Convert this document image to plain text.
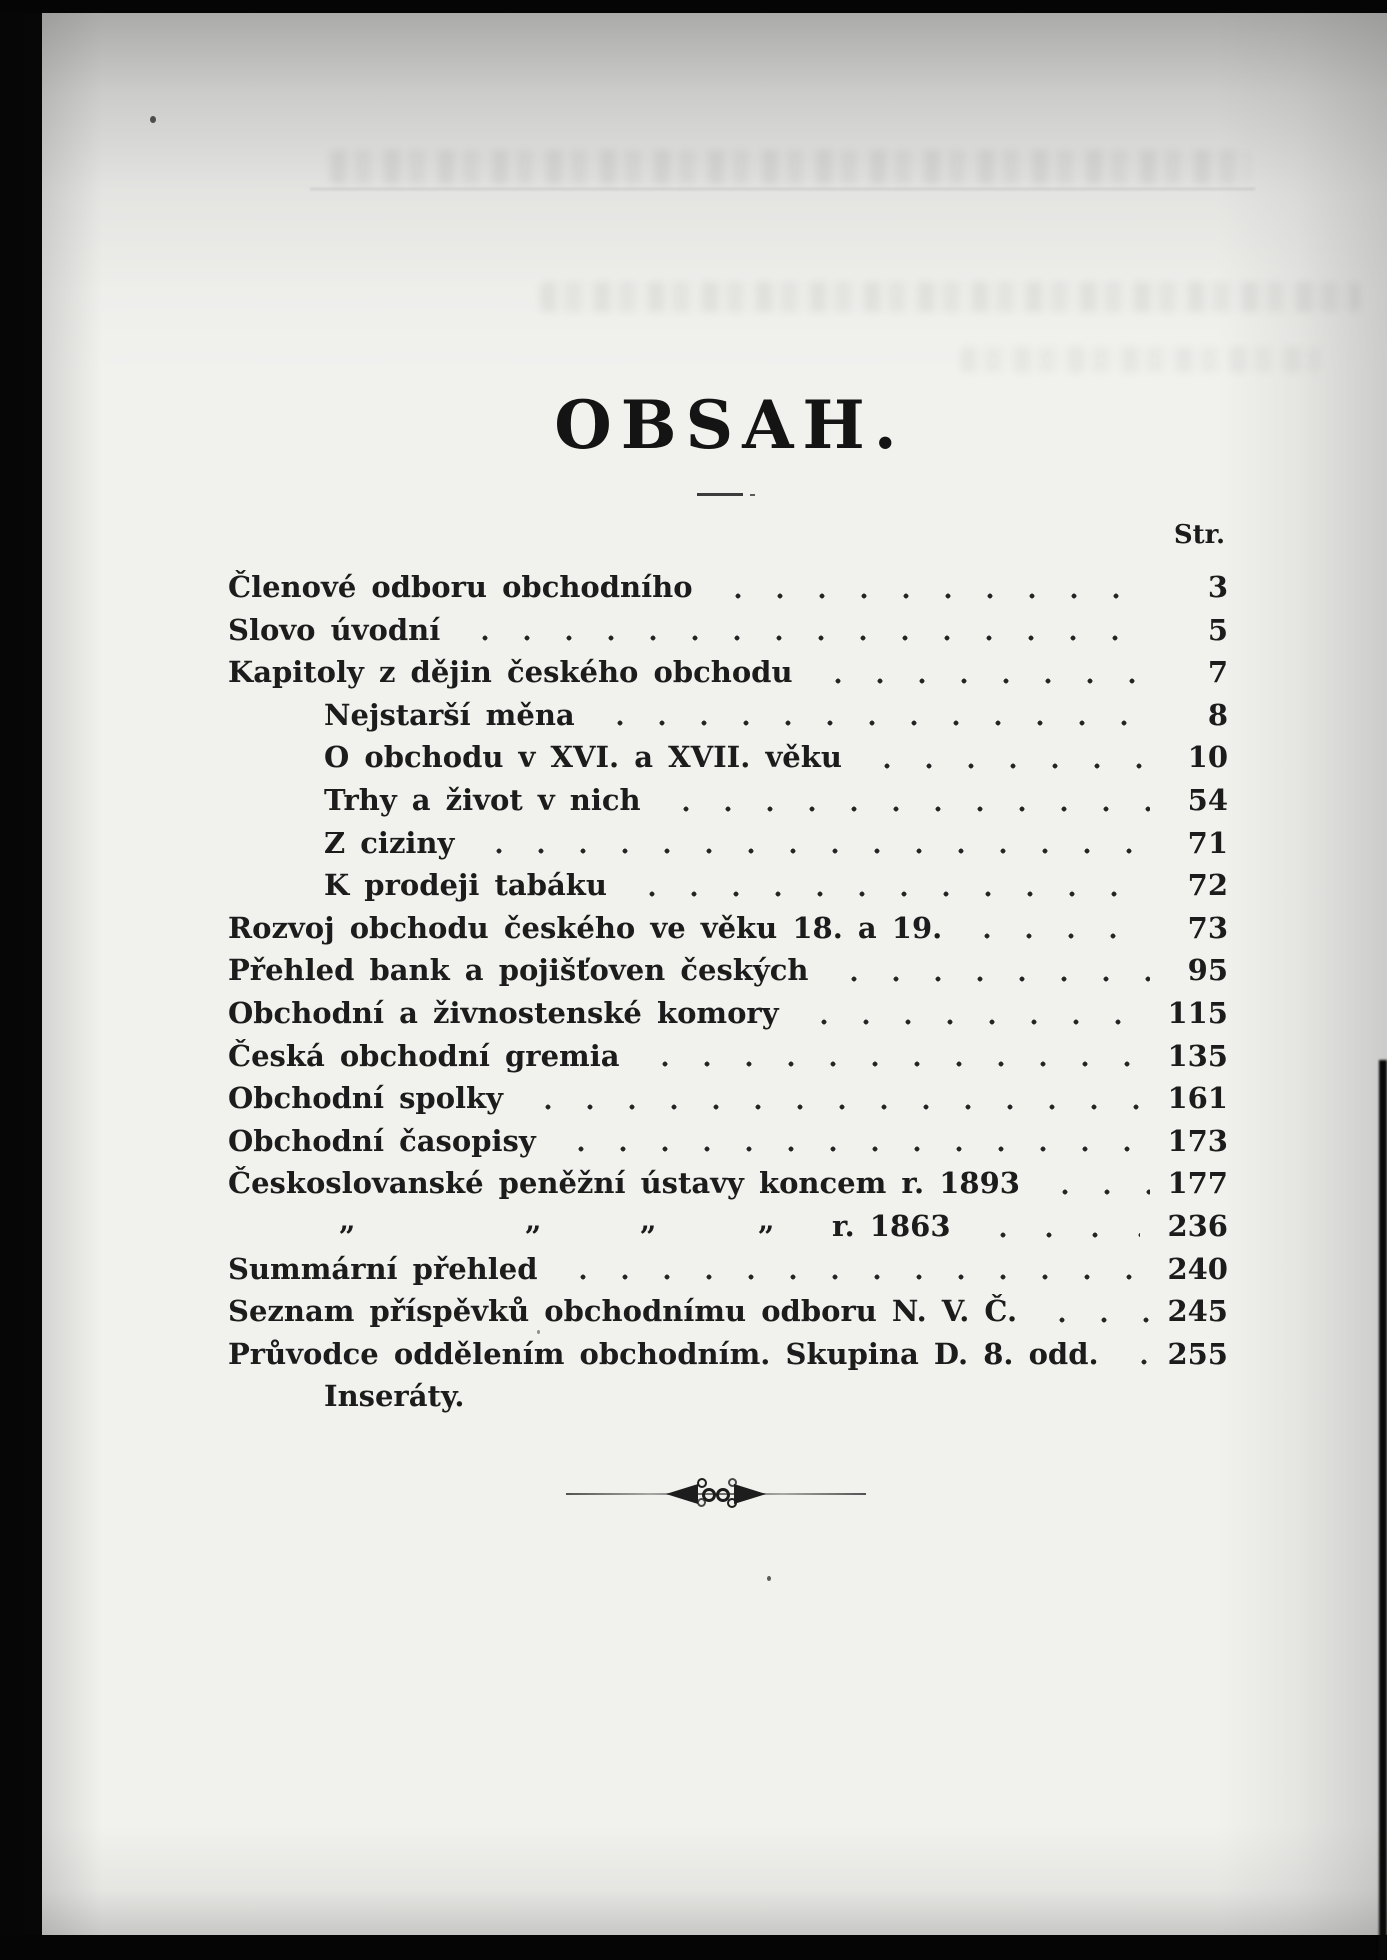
OBSAH.
Str.
Členové odboru obchodního	3
Slovo úvodní	5
Kapitoly z dějin českého obchodu	7
Nejstarší měna	8
O obchodu v XVI. a XVII. věku	10
Trhy a život v nich	54
Z ciziny	71
K prodeji tabáku	72
Rozvoj obchodu českého ve věku 18. a 19.	73
Přehled bank a pojišťoven českých	95
Obchodní a živnostenské komory	115
Česká obchodní gremia	135
Obchodní spolky	161
Obchodní časopisy	173
Českoslovanské peněžní ústavy koncem r. 1893	177
„	„	„	„ r. 1863	236
Summární přehled	240
Seznam příspěvků obchodnímu odboru N. V. Č.	245
Průvodce oddělením obchodním. Skupina D. 8. odd.	255
Inseráty.
